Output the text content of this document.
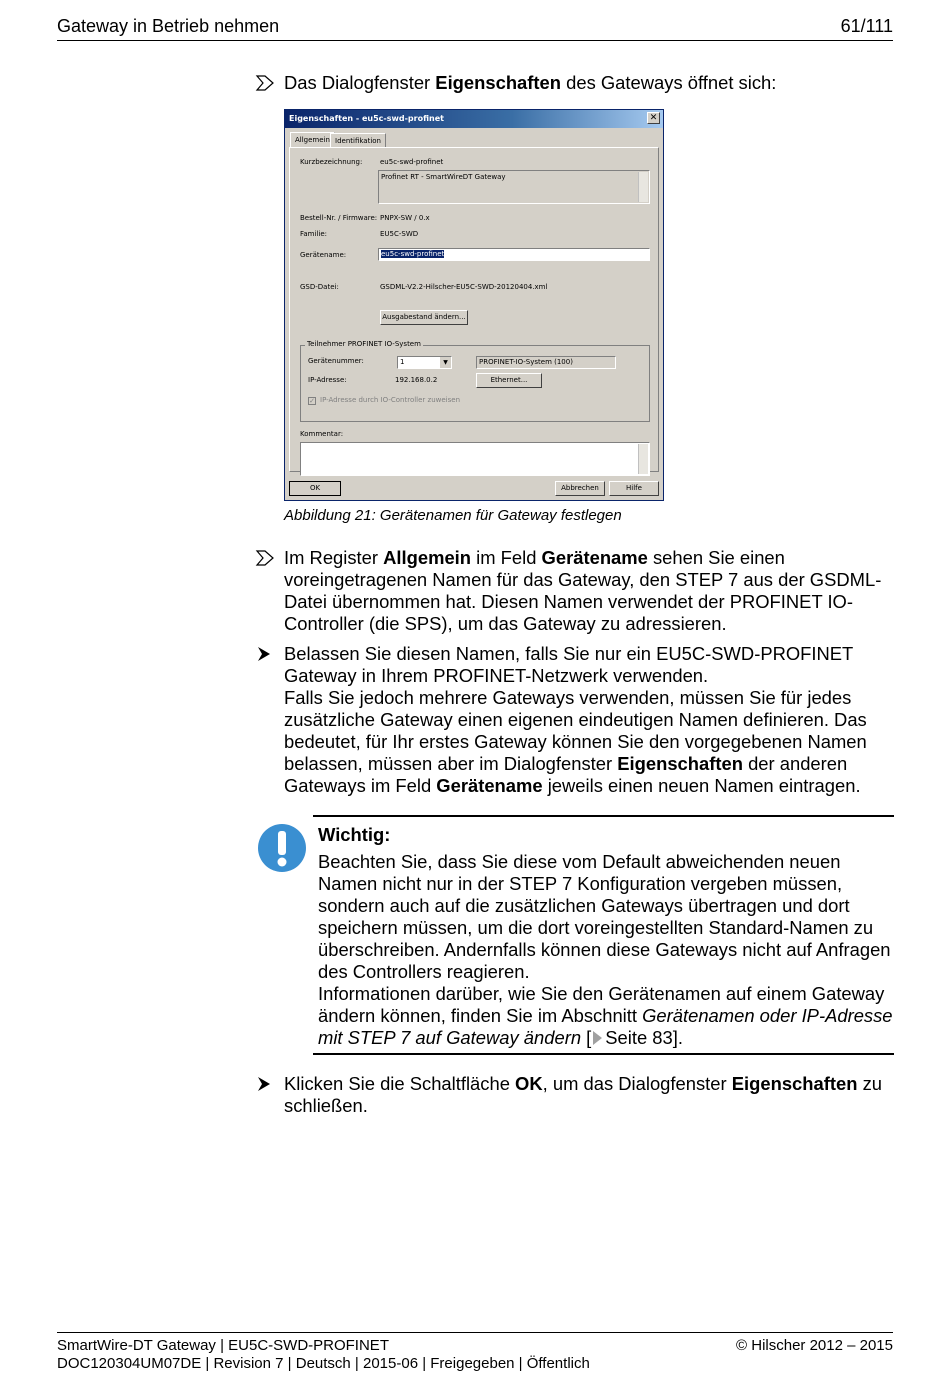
Gateway in Betrieb nehmen	61/111
Das Dialogfenster Eigenschaften des Gateways öffnet sich:
Eigenschaften - eu5c-swd-profinet	✕
Allgemein Identifikation
Kurzbezeichnung:	eu5c-swd-profinet
Profinet RT - SmartWireDT Gateway
Bestell-Nr. / Firmware: PNPX-SW / 0.x
Familie:	EU5C-SWD
Gerätename:	eu5c-swd-profinet
GSD-Datei:	GSDML-V2.2-Hilscher-EU5C-SWD-20120404.xml
Ausgabestand ändern...
Teilnehmer PROFINET IO-System
Gerätenummer:	1	▼	PROFINET-IO-System (100)
IP-Adresse:	192.168.0.2	Ethernet...
✓ IP-Adresse durch IO-Controller zuweisen
Kommentar:
OK	Abbrechen	Hilfe
Abbildung 21: Gerätenamen für Gateway festlegen
Im Register Allgemein im Feld Gerätename sehen Sie einen voreingetragenen Namen für das Gateway, den STEP 7 aus der GSDML-Datei übernommen hat. Diesen Namen verwendet der PROFINET IO-Controller (die SPS), um das Gateway zu adressieren.
Belassen Sie diesen Namen, falls Sie nur ein EU5C-SWD-PROFINET Gateway in Ihrem PROFINET-Netzwerk verwenden.
Falls Sie jedoch mehrere Gateways verwenden, müssen Sie für jedes zusätzliche Gateway einen eigenen eindeutigen Namen definieren. Das bedeutet, für Ihr erstes Gateway können Sie den vorgegebenen Namen belassen, müssen aber im Dialogfenster Eigenschaften der anderen Gateways im Feld Gerätename jeweils einen neuen Namen eintragen.
Wichtig:
Beachten Sie, dass Sie diese vom Default abweichenden neuen Namen nicht nur in der STEP 7 Konfiguration vergeben müssen, sondern auch auf die zusätzlichen Gateways übertragen und dort speichern müssen, um die dort voreingestellten Standard-Namen zu überschreiben. Andernfalls können diese Gateways nicht auf Anfragen des Controllers reagieren.
Informationen darüber, wie Sie den Gerätenamen auf einem Gateway ändern können, finden Sie im Abschnitt Gerätenamen oder IP-Adresse mit STEP 7 auf Gateway ändern [ Seite 83].
Klicken Sie die Schaltfläche OK, um das Dialogfenster Eigenschaften zu schließen.
SmartWire-DT Gateway | EU5C-SWD-PROFINET
DOC120304UM07DE | Revision 7 | Deutsch | 2015-06 | Freigegeben | Öffentlich
© Hilscher 2012 – 2015
